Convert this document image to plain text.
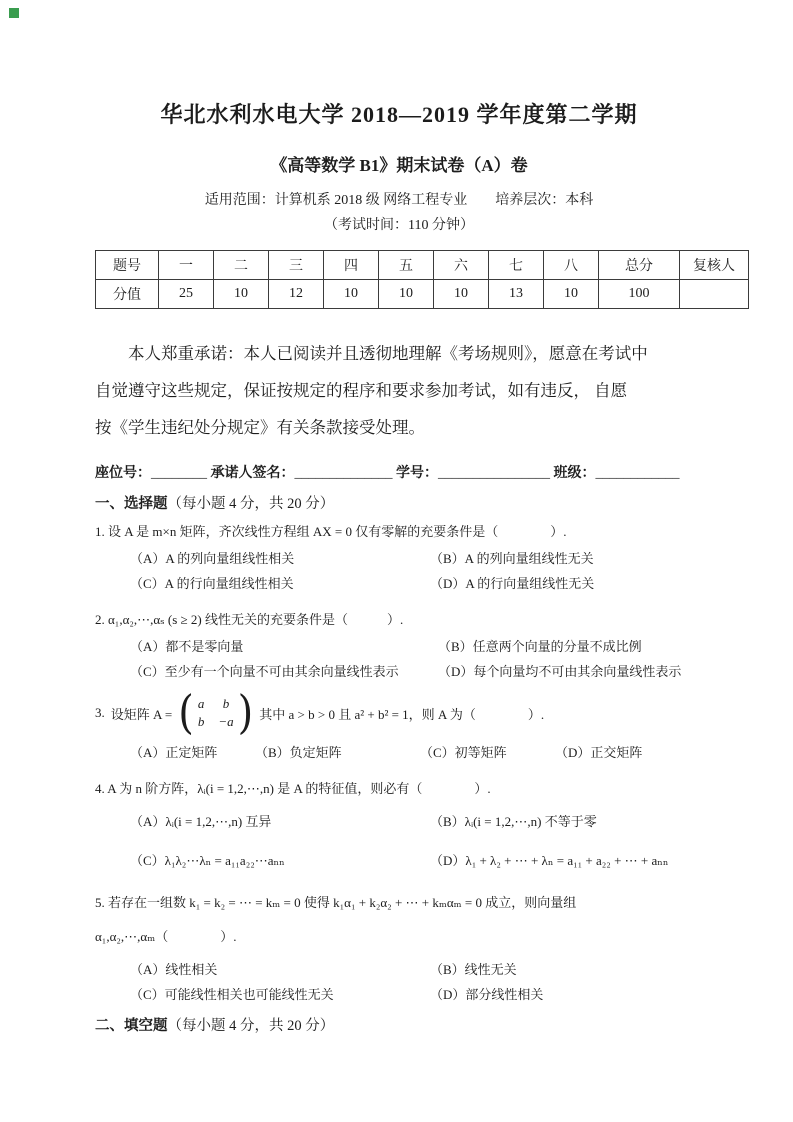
华北水利水电大学 2018—2019 学年度第二学期
《高等数学 B1》期末试卷（A）卷
适用范围：计算机系 2018 级 网络工程专业　　培养层次：本科
（考试时间：110 分钟）
题号	一	二	三	四	五	六	七	八	总分	复核人
分值	25	10	12	10	10	10	13	10	100	
本人郑重承诺：本人已阅读并且透彻地理解《考场规则》，愿意在考试中
自觉遵守这些规定，保证按规定的程序和要求参加考试，如有违反， 自愿
按《学生违纪处分规定》有关条款接受处理。
座位号：________ 承诺人签名：______________ 学号：________________ 班级：____________
一、选择题（每小题 4 分，共 20 分）
1. 设 A 是 m×n 矩阵，齐次线性方程组 AX = 0 仅有零解的充要条件是（　　　　）.
（A）A 的列向量组线性相关	（B）A 的列向量组线性无关
（C）A 的行向量组线性相关	（D）A 的行向量组线性无关
2. α₁,α₂,⋯,αₛ (s ≥ 2) 线性无关的充要条件是（　　　）.
（A）都不是零向量	（B）任意两个向量的分量不成比例
（C）至少有一个向量不可由其余向量线性表示	（D）每个向量均不可由其余向量线性表示
3. 设矩阵 A = ( a	b
b −a ) 其中 a > b > 0 且 a² + b² = 1，则 A 为（　　　　）.
（A）正定矩阵	（B）负定矩阵	（C）初等矩阵	（D）正交矩阵
4. A 为 n 阶方阵，λᵢ(i = 1,2,⋯,n) 是 A 的特征值，则必有（　　　　）.
（A）λᵢ(i = 1,2,⋯,n) 互异	（B）λᵢ(i = 1,2,⋯,n) 不等于零
（C）λ₁λ₂⋯λₙ = a₁₁a₂₂⋯aₙₙ	（D）λ₁ + λ₂ + ⋯ + λₙ = a₁₁ + a₂₂ + ⋯ + aₙₙ
5. 若存在一组数 k₁ = k₂ = ⋯ = kₘ = 0 使得 k₁α₁ + k₂α₂ + ⋯ + kₘαₘ = 0 成立，则向量组
α₁,α₂,⋯,αₘ（　　　　）.
（A）线性相关	（B）线性无关
（C）可能线性相关也可能线性无关	（D）部分线性相关
二、填空题（每小题 4 分，共 20 分）
